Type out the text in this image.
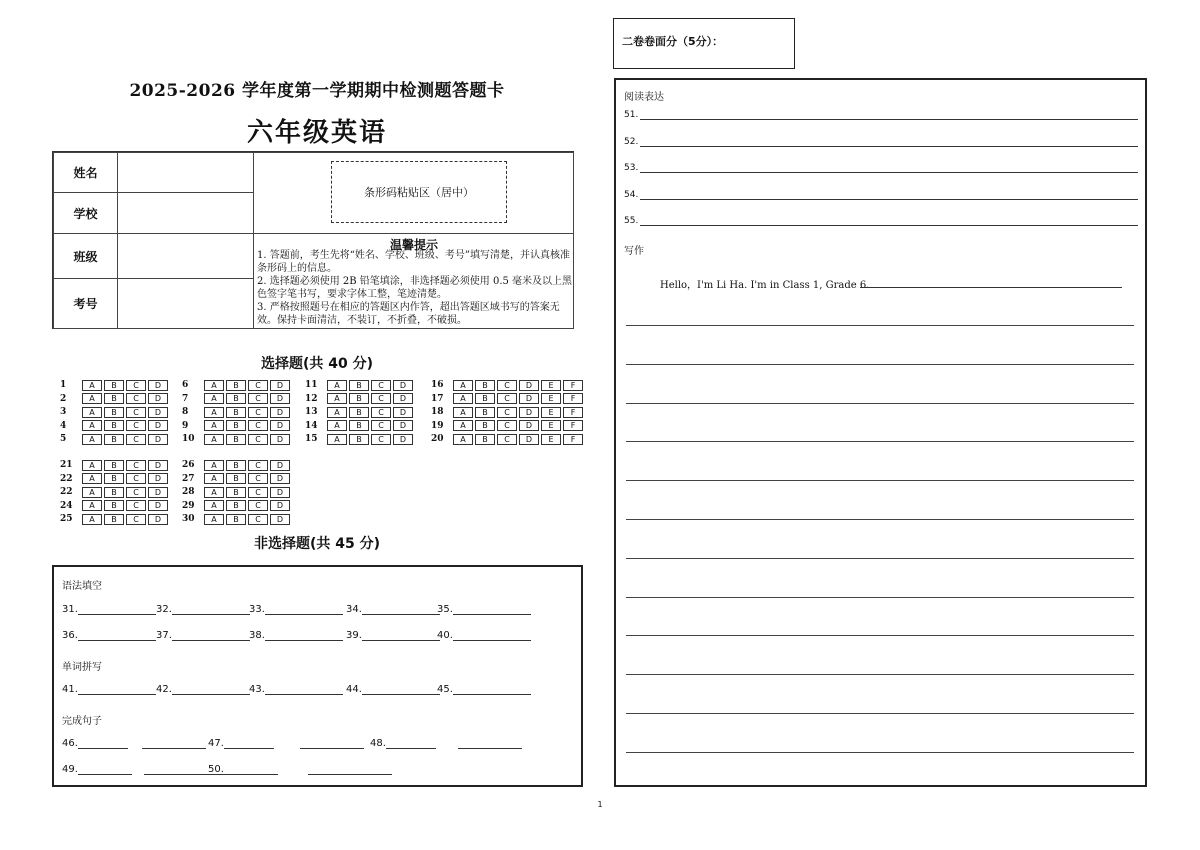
2025-2026 学年度第一学期期中检测题答题卡
六年级英语
姓名
学校
班级
考号
条形码粘贴区（居中）
温馨提示
1. 答题前，考生先将“姓名、学校、班级、考号”填写清楚，并认真核准条形码上的信息。
2. 选择题必须使用 2B 铅笔填涂，非选择题必须使用 0.5 毫米及以上黑色签字笔书写，要求字体工整，笔迹清楚。
3. 严格按照题号在相应的答题区内作答，超出答题区域书写的答案无效。保持卡面清洁，不装订，不折叠，不破损。
选择题(共 40 分)
1	A	B	C	D
2	A	B	C	D
3	A	B	C	D
4	A	B	C	D
5	A	B	C	D
6	A	B	C	D
7	A	B	C	D
8	A	B	C	D
9	A	B	C	D
10	A	B	C	D
11	A	B	C	D
12	A	B	C	D
13	A	B	C	D
14	A	B	C	D
15	A	B	C	D
16	A	B	C	D	E	F
17	A	B	C	D	E	F
18	A	B	C	D	E	F
19	A	B	C	D	E	F
20	A	B	C	D	E	F
21	A	B	C	D
22	A	B	C	D
22	A	B	C	D
24	A	B	C	D
25	A	B	C	D
26	A	B	C	D
27	A	B	C	D
28	A	B	C	D
29	A	B	C	D
30	A	B	C	D
非选择题(共 45 分)
语法填空
31.	32.	33.	34.	35.
36.	37.	38.	39.	40.
41.	42.	43.	44.	45.
46.	47.	48.
49.	50.
单词拼写
完成句子
二卷卷面分（5分）：
阅读表达
51.
52.
53.
54.
55.
写作
Hello，I'm Li Ha. I'm in Class 1, Grade 6.
1
